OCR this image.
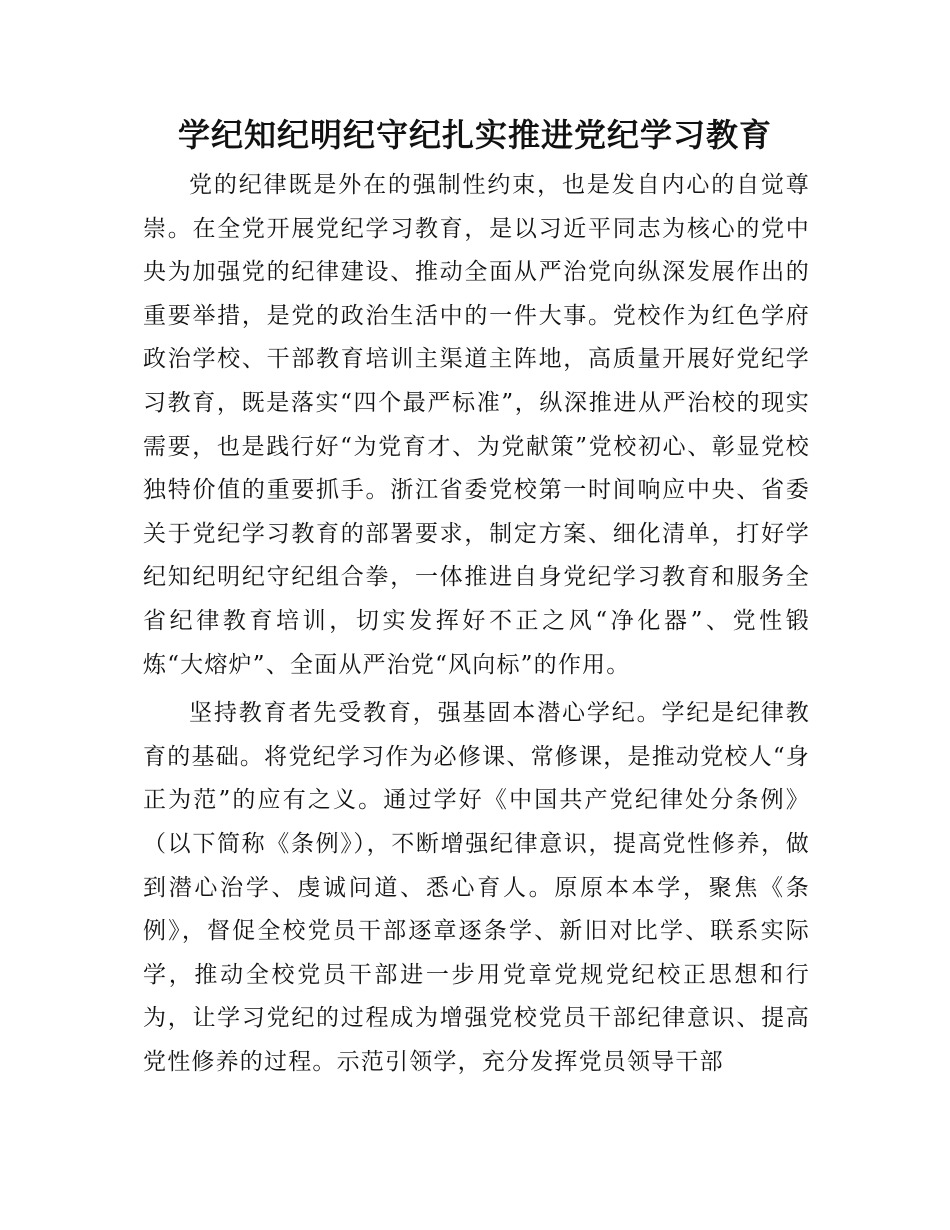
学纪知纪明纪守纪扎实推进党纪学习教育

党的纪律既是外在的强制性约束，也是发自内心的自觉尊崇。在全党开展党纪学习教育，是以习近平同志为核心的党中央为加强党的纪律建设、推动全面从严治党向纵深发展作出的重要举措，是党的政治生活中的一件大事。党校作为红色学府政治学校、干部教育培训主渠道主阵地，高质量开展好党纪学习教育，既是落实“四个最严标准”，纵深推进从严治校的现实需要，也是践行好“为党育才、为党献策”党校初心、彰显党校独特价值的重要抓手。浙江省委党校第一时间响应中央、省委关于党纪学习教育的部署要求，制定方案、细化清单，打好学纪知纪明纪守纪组合拳，一体推进自身党纪学习教育和服务全省纪律教育培训，切实发挥好不正之风“净化器”、党性锻炼“大熔炉”、全面从严治党“风向标”的作用。

坚持教育者先受教育，强基固本潜心学纪。学纪是纪律教育的基础。将党纪学习作为必修课、常修课，是推动党校人“身正为范”的应有之义。通过学好《中国共产党纪律处分条例》（以下简称《条例》），不断增强纪律意识，提高党性修养，做到潜心治学、虔诚问道、悉心育人。原原本本学，聚焦《条例》，督促全校党员干部逐章逐条学、新旧对比学、联系实际学，推动全校党员干部进一步用党章党规党纪校正思想和行为，让学习党纪的过程成为增强党校党员干部纪律意识、提高党性修养的过程。示范引领学，充分发挥党员领导干部
